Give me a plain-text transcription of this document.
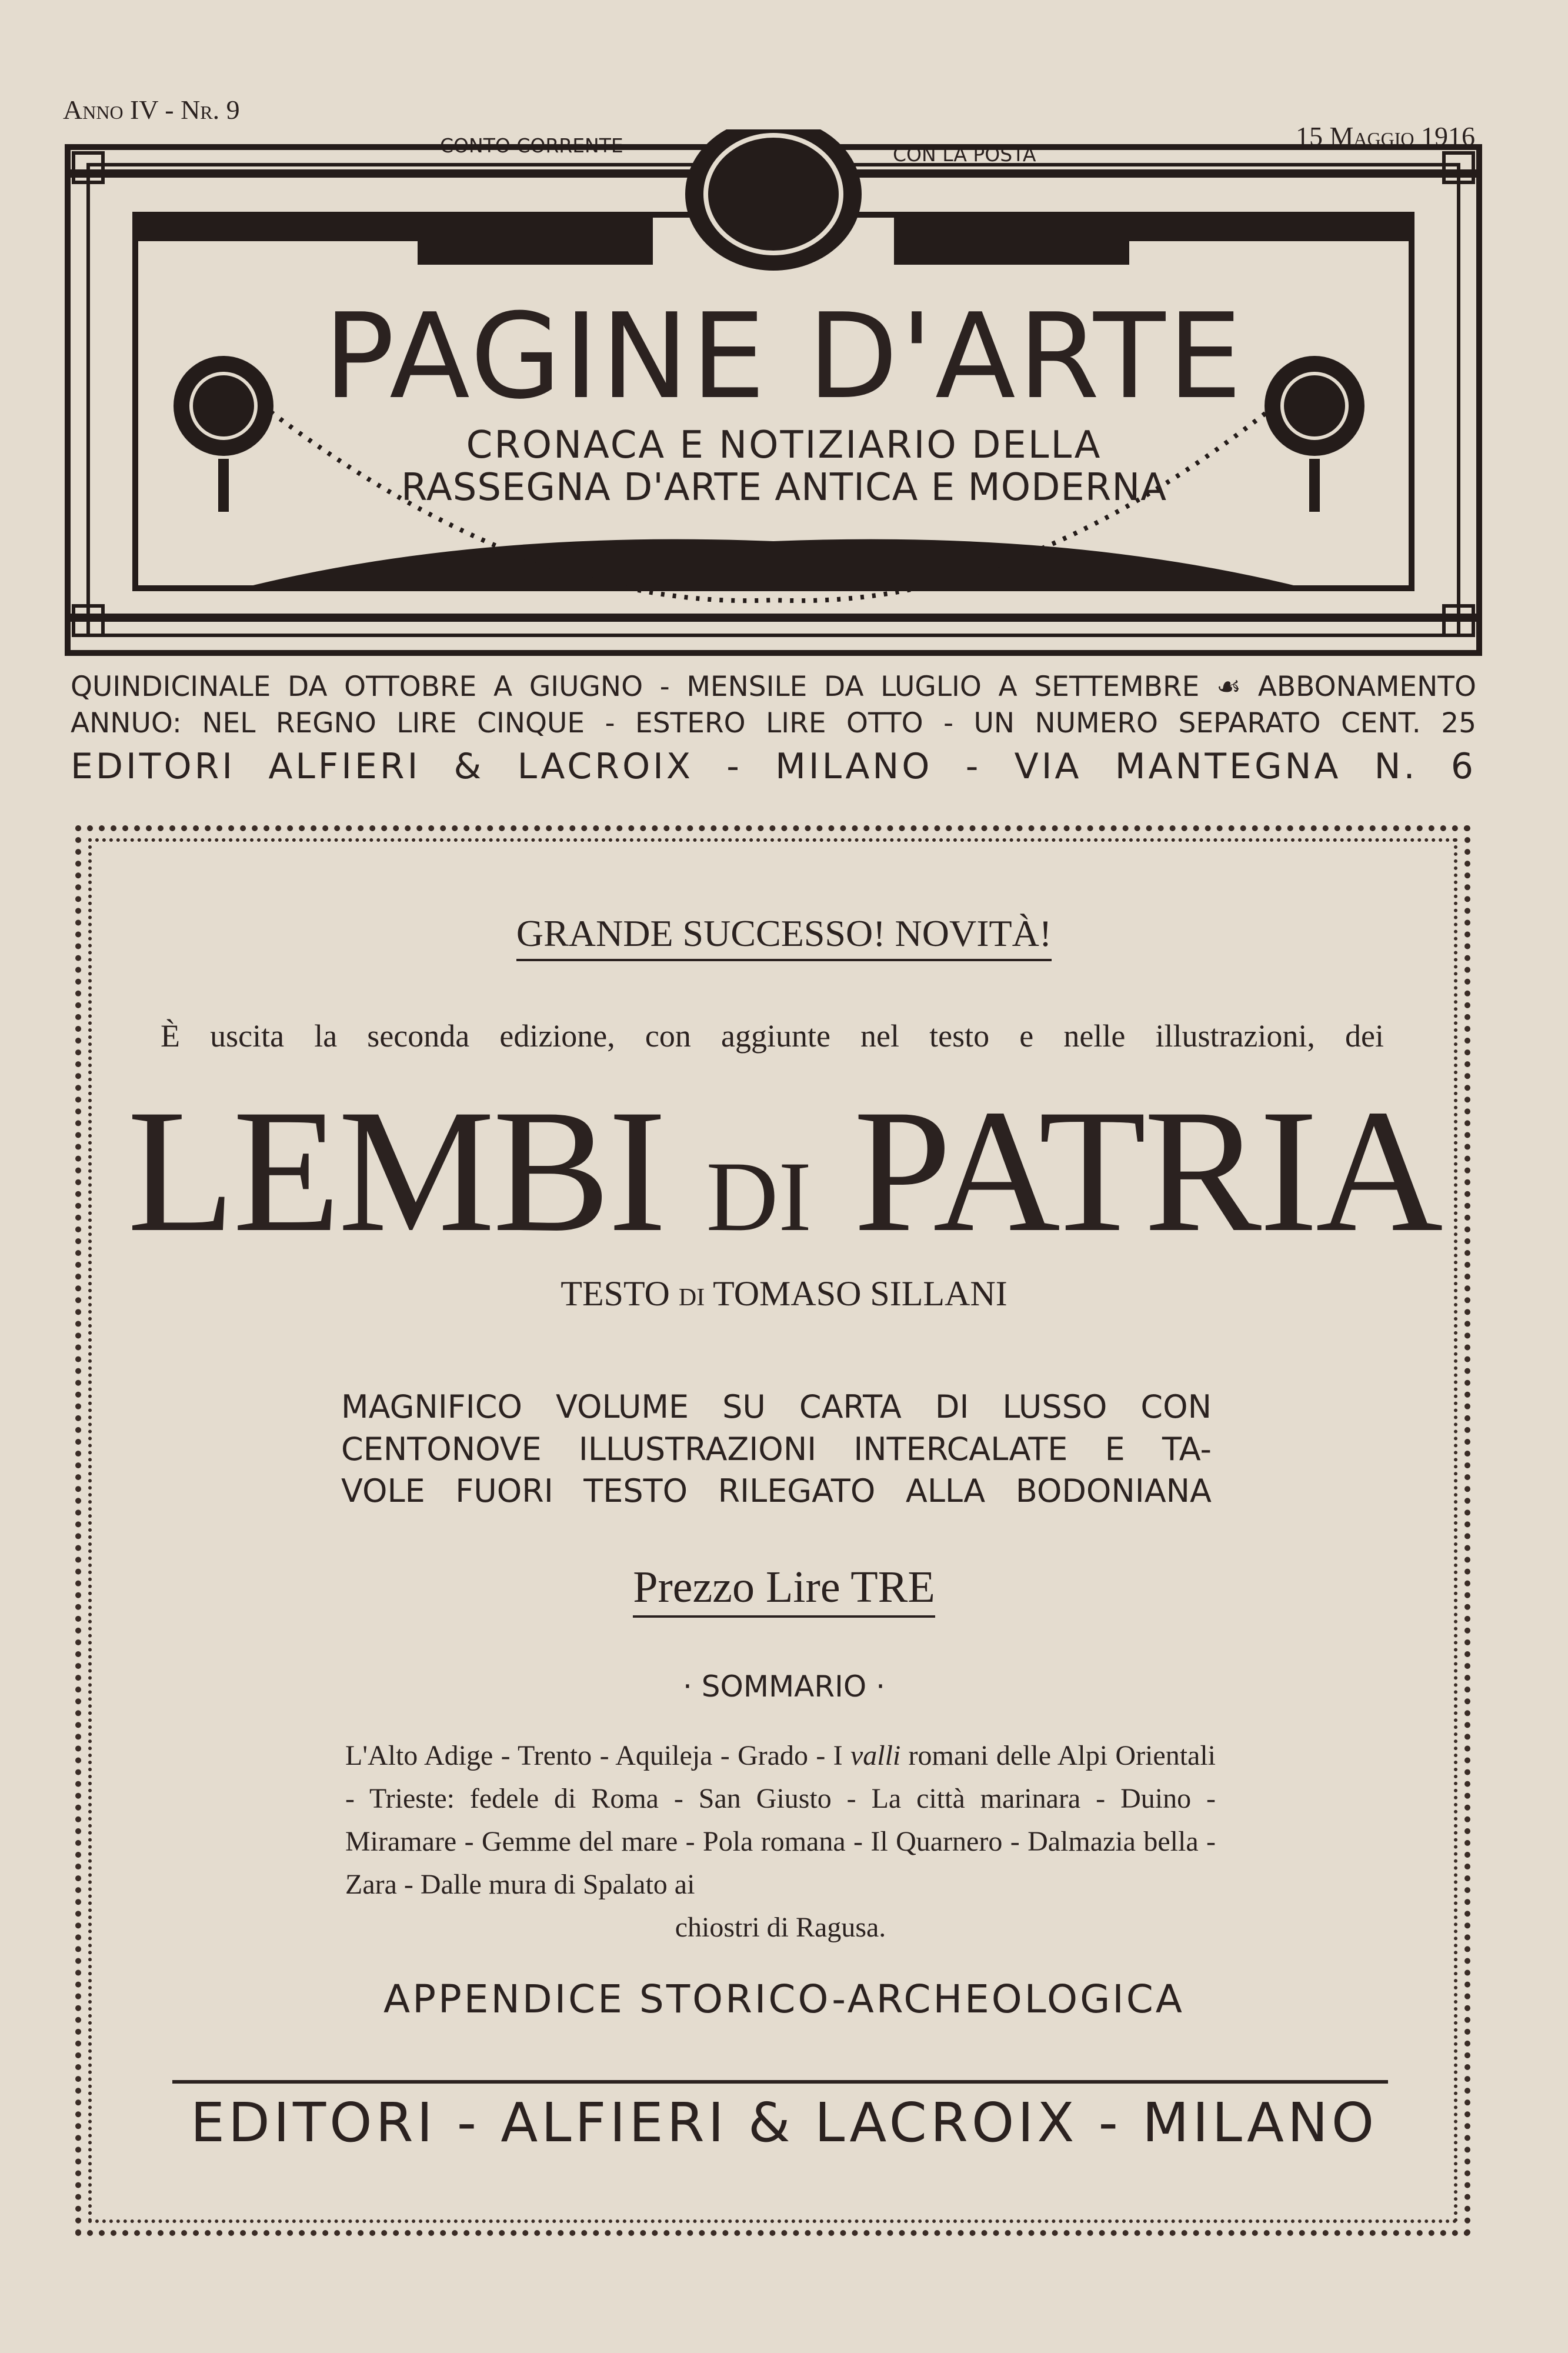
Anno IV - Nr. 9
CONTO CORRENTE	CON LA POSTA
15 Maggio 1916
PAGINE D'ARTE
CRONACA E NOTIZIARIO DELLA
RASSEGNA D'ARTE ANTICA E MODERNA
QUINDICINALE DA OTTOBRE A GIUGNO - MENSILE DA LUGLIO A SETTEMBRE ☙ ABBONAMENTO
ANNUO: NEL REGNO LIRE CINQUE - ESTERO LIRE OTTO - UN NUMERO SEPARATO CENT. 25
EDITORI ALFIERI & LACROIX - MILANO - VIA MANTEGNA N. 6
GRANDE SUCCESSO! NOVITÀ!
È uscita la seconda edizione, con aggiunte nel testo e nelle illustrazioni, dei
LEMBI DI PATRIA
TESTO DI TOMASO SILLANI
MAGNIFICO VOLUME SU CARTA DI LUSSO CON
CENTONOVE ILLUSTRAZIONI INTERCALATE E TA-
VOLE FUORI TESTO RILEGATO ALLA BODONIANA
Prezzo Lire TRE
· SOMMARIO ·
L'Alto Adige - Trento - Aquileja - Grado - I valli romani delle Alpi Orientali - Trieste: fedele di Roma - San Giusto - La città marinara - Duino - Miramare - Gemme del mare - Pola romana - Il Quarnero - Dalmazia bella - Zara - Dalle mura di Spalato ai
chiostri di Ragusa.
APPENDICE STORICO-ARCHEOLOGICA
EDITORI - ALFIERI & LACROIX - MILANO
